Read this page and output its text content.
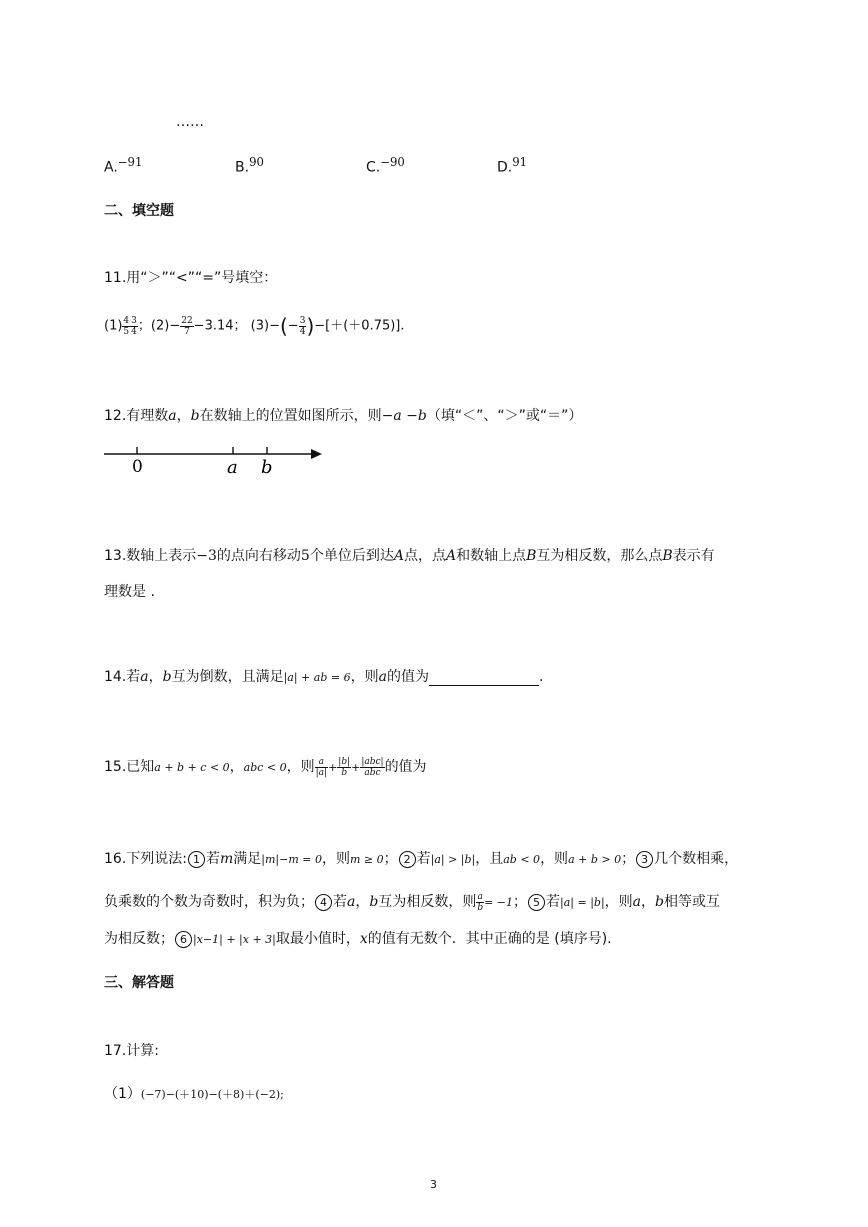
……
A.$^{-91}$	B.$^{90}$	C.$^{-90}$	D.$^{91}$
二、填空题
11.用“＞”“<”“=”号填空：
$(1) \frac{4}{5} \frac{3}{4}$ ；$(2)- \frac{22}{7} -3.14$； $(3)-(- \frac{3}{4} )-[+(+0.75)]$.
12.有理数a，b在数轴上的位置如图所示，则−a −b（填“＜”、“＞”或“＝”）
0	a b
13.数轴上表示−3的点向右移动5个单位后到达A点，点A和数轴上点B互为相反数，那么点B表示有
理数是 .
14.若a，b互为倒数，且满足|a| + ab = 6，则a的值为	.
15.已知a + b + c < 0，abc < 0，则 $\frac{a}{|a|} + \frac{|b|}{b} + \frac{\text{|abc|}}{\text{abc}}$ 的值为
16.下列说法: 1 若m满足|m|−m = 0，则m ≥ 0； 2 若|a| > |b|，且ab < 0，则a + b > 0； 3 几个数相乘，
负乘数的个数为奇数时，积为负； 4 若a，b互为相反数，则 $\frac{a}{b} = -1$； 5 若|a| = |b|，则a，b相等或互
为相反数； 6 |x−1| + |x + 3|取最小值时，x的值有无数个．其中正确的是 (填序号).
三、解答题
17.计算:
（1）(−7)−(＋10)−(＋8)＋(−2);
3
